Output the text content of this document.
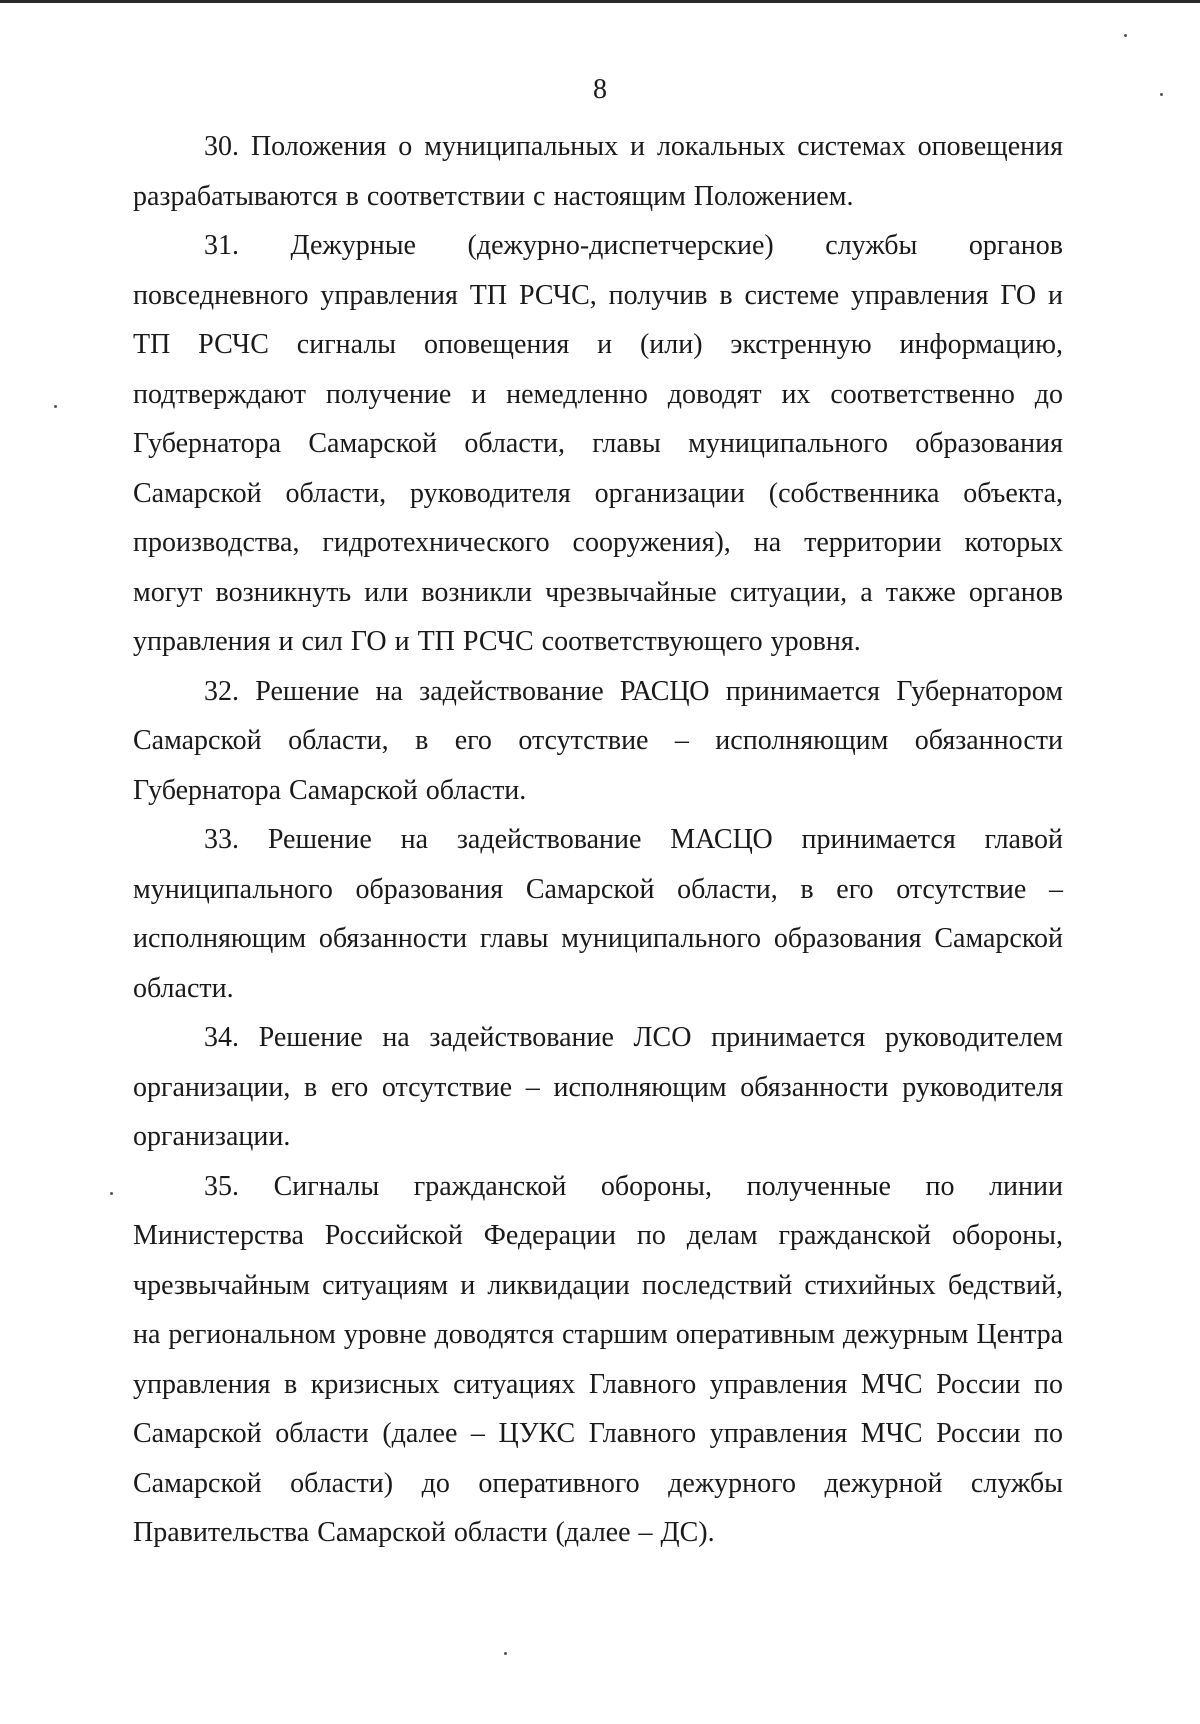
8

30. Положения о муниципальных и локальных системах оповещения разрабатываются в соответствии с настоящим Положением.

31. Дежурные (дежурно-диспетчерские) службы органов повседневного управления ТП РСЧС, получив в системе управления ГО и ТП РСЧС сигналы оповещения и (или) экстренную информацию, подтверждают получение и немедленно доводят их соответственно до Губернатора Самарской области, главы муниципального образования Самарской области, руководителя организации (собственника объекта, производства, гидротехнического сооружения), на территории которых могут возникнуть или возникли чрезвычайные ситуации, а также органов управления и сил ГО и ТП РСЧС соответствующего уровня.

32. Решение на задействование РАСЦО принимается Губернатором Самарской области, в его отсутствие – исполняющим обязанности Губернатора Самарской области.

33. Решение на задействование МАСЦО принимается главой муниципального образования Самарской области, в его отсутствие – исполняющим обязанности главы муниципального образования Самарской области.

34. Решение на задействование ЛСО принимается руководителем организации, в его отсутствие – исполняющим обязанности руководителя организации.

35. Сигналы гражданской обороны, полученные по линии Министерства Российской Федерации по делам гражданской обороны, чрезвычайным ситуациям и ликвидации последствий стихийных бедствий, на региональном уровне доводятся старшим оперативным дежурным Центра управления в кризисных ситуациях Главного управления МЧС России по Самарской области (далее – ЦУКС Главного управления МЧС России по Самарской области) до оперативного дежурного дежурной службы Правительства Самарской области (далее – ДС).
